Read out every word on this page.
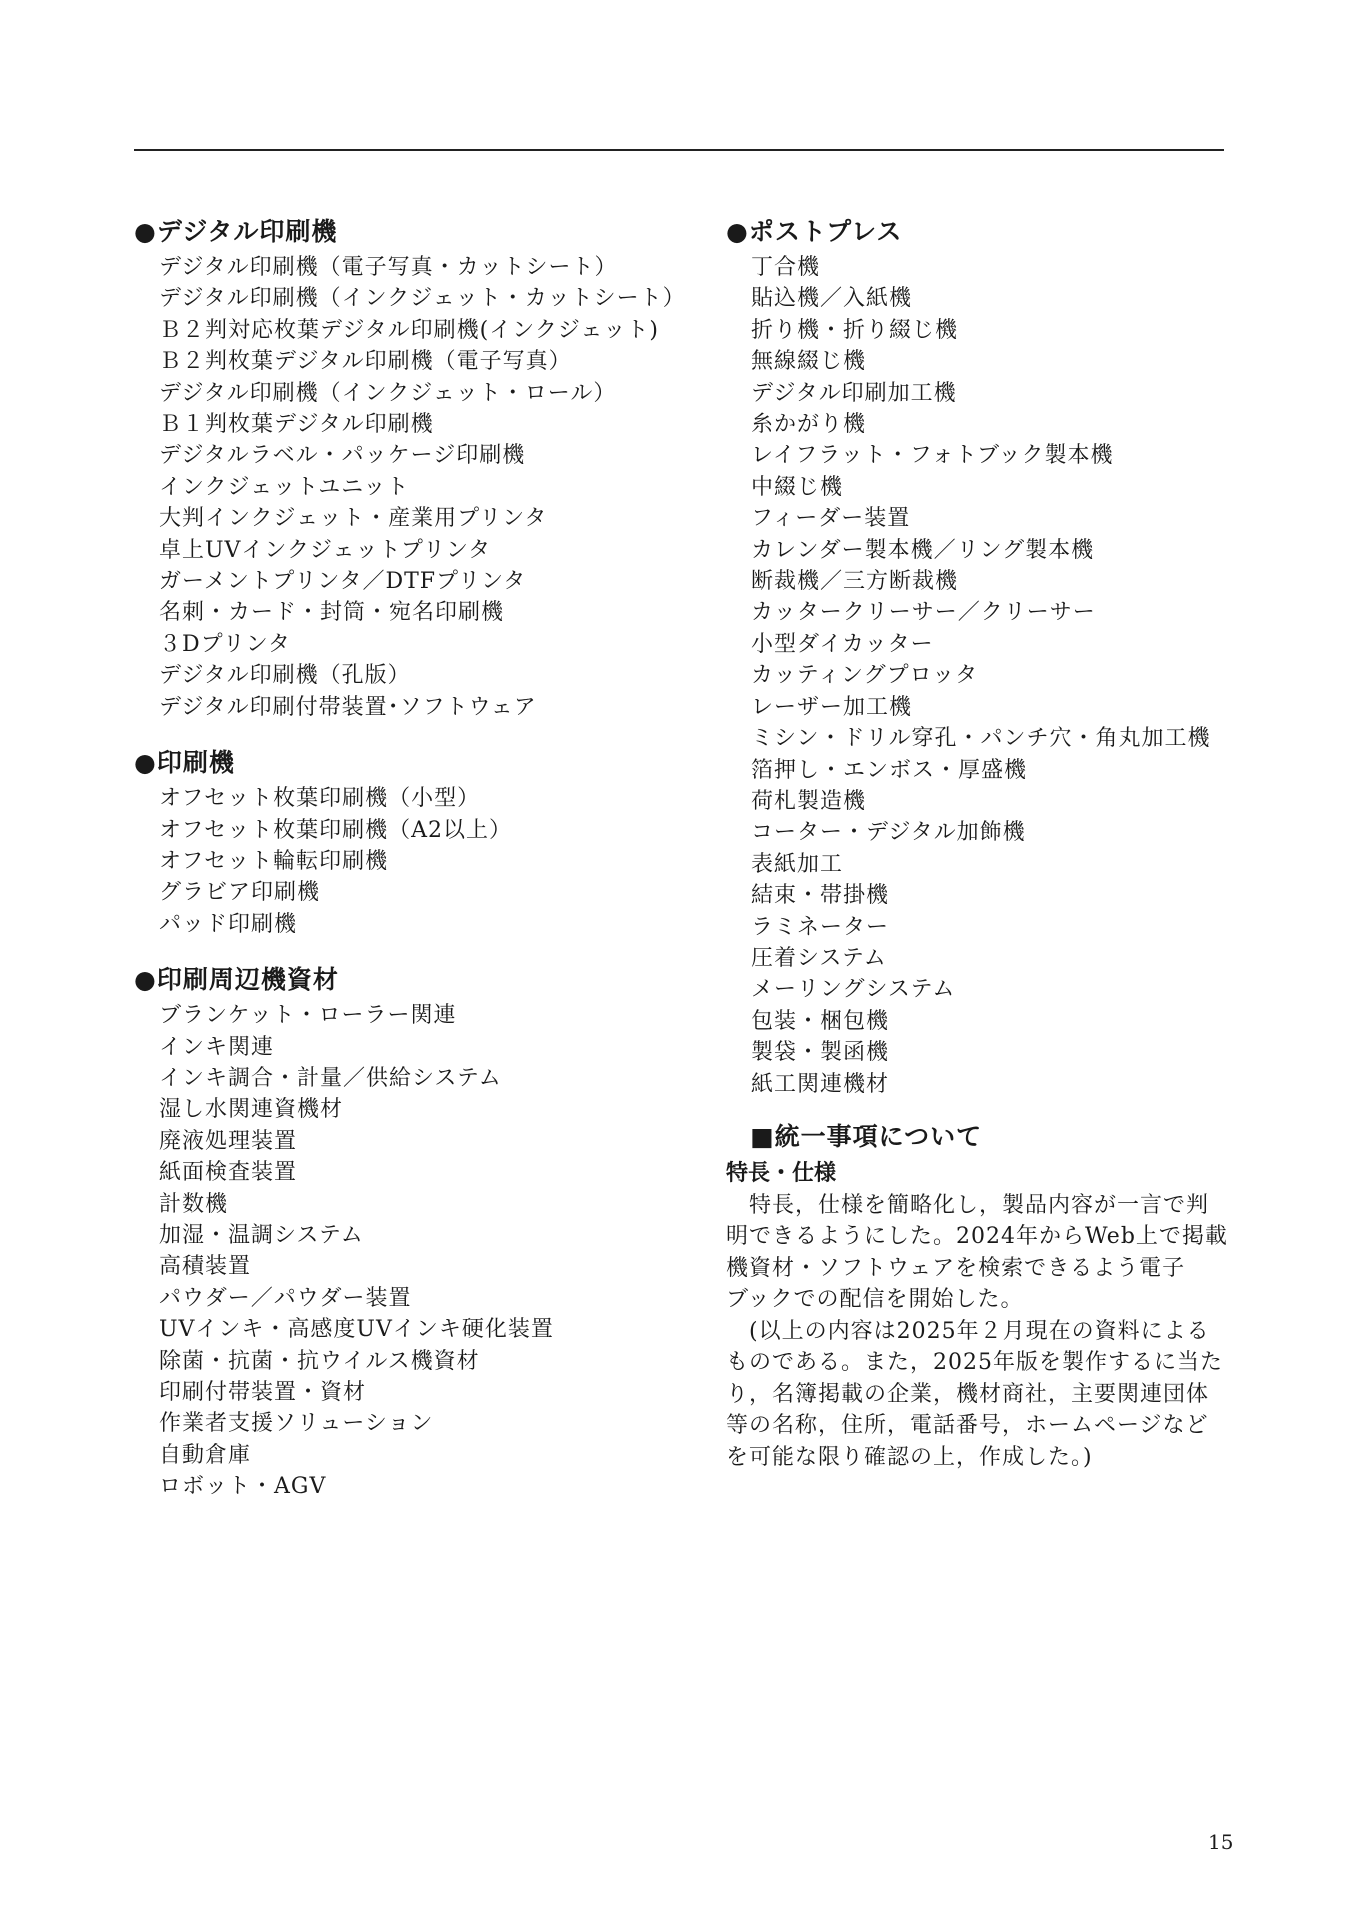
●デジタル印刷機
デジタル印刷機（電子写真・カットシート）
デジタル印刷機（インクジェット・カットシート）
Ｂ２判対応枚葉デジタル印刷機(インクジェット)
Ｂ２判枚葉デジタル印刷機（電子写真）
デジタル印刷機（インクジェット・ロール）
Ｂ１判枚葉デジタル印刷機
デジタルラベル・パッケージ印刷機
インクジェットユニット
大判インクジェット・産業用プリンタ
卓上UVインクジェットプリンタ
ガーメントプリンタ／DTFプリンタ
名刺・カード・封筒・宛名印刷機
３Dプリンタ
デジタル印刷機（孔版）
デジタル印刷付帯装置･ソフトウェア
●印刷機
オフセット枚葉印刷機（小型）
オフセット枚葉印刷機（A2以上）
オフセット輪転印刷機
グラビア印刷機
パッド印刷機
●印刷周辺機資材
ブランケット・ローラー関連
インキ関連
インキ調合・計量／供給システム
湿し水関連資機材
廃液処理装置
紙面検査装置
計数機
加湿・温調システム
高積装置
パウダー／パウダー装置
UVインキ・高感度UVインキ硬化装置
除菌・抗菌・抗ウイルス機資材
印刷付帯装置・資材
作業者支援ソリューション
自動倉庫
ロボット・AGV
●ポストプレス
丁合機
貼込機／入紙機
折り機・折り綴じ機
無線綴じ機
デジタル印刷加工機
糸かがり機
レイフラット・フォトブック製本機
中綴じ機
フィーダー装置
カレンダー製本機／リング製本機
断裁機／三方断裁機
カッタークリーサー／クリーサー
小型ダイカッター
カッティングプロッタ
レーザー加工機
ミシン・ドリル穿孔・パンチ穴・角丸加工機
箔押し・エンボス・厚盛機
荷札製造機
コーター・デジタル加飾機
表紙加工
結束・帯掛機
ラミネーター
圧着システム
メーリングシステム
包装・梱包機
製袋・製函機
紙工関連機材
■統一事項について
特長・仕様
　特長，仕様を簡略化し，製品内容が一言で判
明できるようにした。2024年からWeb上で掲載
機資材・ソフトウェアを検索できるよう電子
ブックでの配信を開始した。
　(以上の内容は2025年２月現在の資料による
ものである。また，2025年版を製作するに当た
り，名簿掲載の企業，機材商社，主要関連団体
等の名称，住所，電話番号，ホームページなど
を可能な限り確認の上，作成した。)
15
